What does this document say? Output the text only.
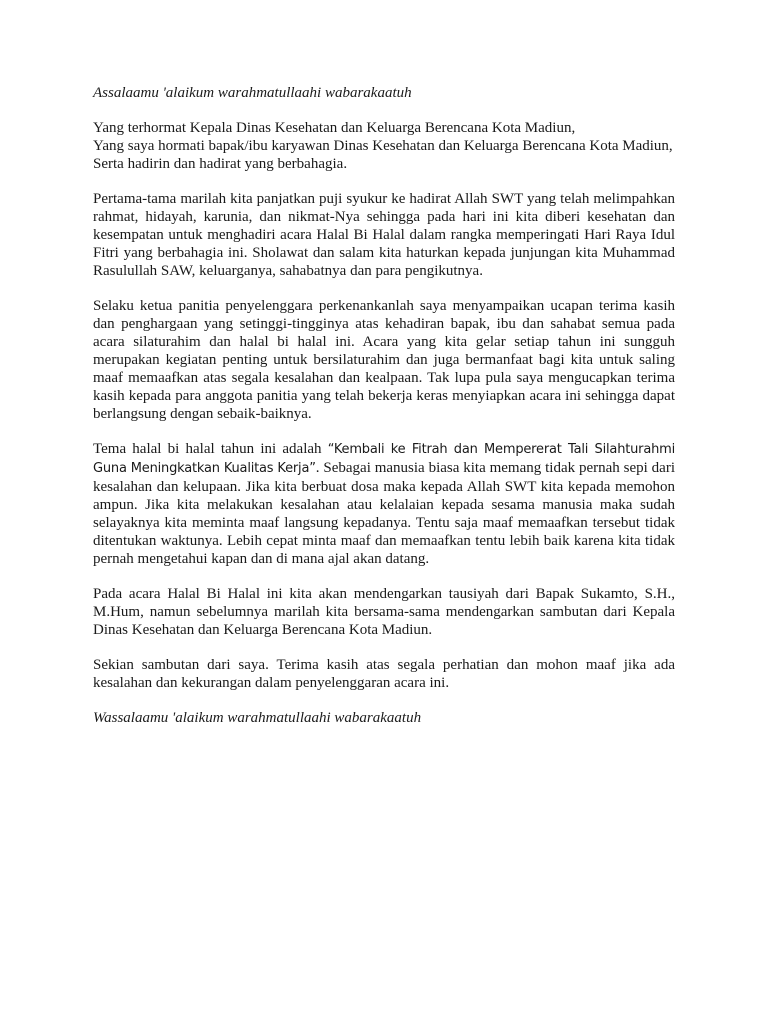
Assalaamu 'alaikum warahmatullaahi wabarakaatuh

Yang terhormat Kepala Dinas Kesehatan dan Keluarga Berencana Kota Madiun,
Yang saya hormati bapak/ibu karyawan Dinas Kesehatan dan Keluarga Berencana Kota Madiun,
Serta hadirin dan hadirat yang berbahagia.

Pertama-tama marilah kita panjatkan puji syukur ke hadirat Allah SWT yang telah melimpahkan rahmat, hidayah, karunia, dan nikmat-Nya sehingga pada hari ini kita diberi kesehatan dan kesempatan untuk menghadiri acara Halal Bi Halal dalam rangka memperingati Hari Raya Idul Fitri yang berbahagia ini. Sholawat dan salam kita haturkan kepada junjungan kita Muhammad Rasulullah SAW, keluarganya, sahabatnya dan para pengikutnya.

Selaku ketua panitia penyelenggara perkenankanlah saya menyampaikan ucapan terima kasih dan penghargaan yang setinggi-tingginya atas kehadiran bapak, ibu dan sahabat semua pada acara silaturahim dan halal bi halal ini. Acara yang kita gelar setiap tahun ini sungguh merupakan kegiatan penting untuk bersilaturahim dan juga bermanfaat bagi kita untuk saling maaf memaafkan atas segala kesalahan dan kealpaan. Tak lupa pula saya mengucapkan terima kasih kepada para anggota panitia yang telah bekerja keras menyiapkan acara ini sehingga dapat berlangsung dengan sebaik-baiknya.

Tema halal bi halal tahun ini adalah “Kembali ke Fitrah dan Mempererat Tali Silahturahmi Guna Meningkatkan Kualitas Kerja”. Sebagai manusia biasa kita memang tidak pernah sepi dari kesalahan dan kelupaan. Jika kita berbuat dosa maka kepada Allah SWT kita kepada memohon ampun. Jika kita melakukan kesalahan atau kelalaian kepada sesama manusia maka sudah selayaknya kita meminta maaf langsung kepadanya. Tentu saja maaf memaafkan tersebut tidak ditentukan waktunya. Lebih cepat minta maaf dan memaafkan tentu lebih baik karena kita tidak pernah mengetahui kapan dan di mana ajal akan datang.

Pada acara Halal Bi Halal ini kita akan mendengarkan tausiyah dari Bapak Sukamto, S.H., M.Hum, namun sebelumnya marilah kita bersama-sama mendengarkan sambutan dari Kepala Dinas Kesehatan dan Keluarga Berencana Kota Madiun.

Sekian sambutan dari saya. Terima kasih atas segala perhatian dan mohon maaf jika ada kesalahan dan kekurangan dalam penyelenggaran acara ini.

Wassalaamu 'alaikum warahmatullaahi wabarakaatuh
